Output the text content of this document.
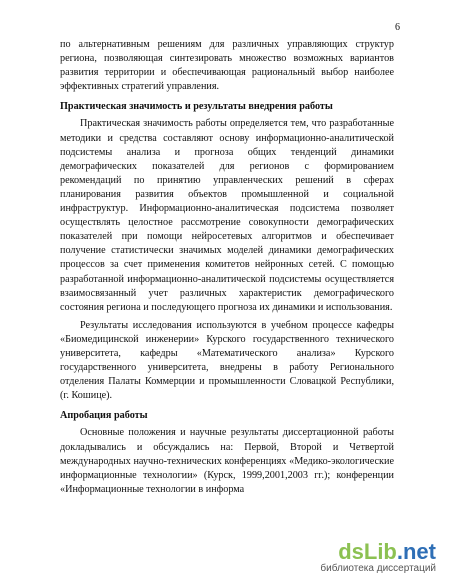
6

по альтернативным решениям для различных управляющих структур региона, позволяющая синтезировать множество возможных вариантов развития территории и обеспечивающая рациональный выбор наиболее эффективных стратегий управления.

Практическая значимость и результаты внедрения работы

Практическая значимость работы определяется тем, что разработанные методики и средства составляют основу информационно-аналитической подсистемы анализа и прогноза общих тенденций динамики демографических показателей для регионов с формированием рекомендаций по принятию управленческих решений в сферах планирования развития объектов промышленной и социальной инфраструктур. Информационно-аналитическая подсистема позволяет осуществлять целостное рассмотрение совокупности демографических показателей при помощи нейросетевых алгоритмов и обеспечивает получение статистически значимых моделей динамики демографических процессов за счет применения комитетов нейронных сетей. С помощью разработанной информационно-аналитической подсистемы осуществляется взаимосвязанный учет различных характеристик демографического состояния региона и последующего прогноза их динамики и использования.

Результаты исследования используются в учебном процессе кафедры «Биомедицинской инженерии» Курского государственного технического университета, кафедры «Математического анализа» Курского государственного университета, внедрены в работу Регионального отделения Палаты Коммерции и промышленности Словацкой Республики, (г. Кошице).

Апробация работы

Основные положения и научные результаты диссертационной работы докладывались и обсуждались на: Первой, Второй и Четвертой международных научно-технических конференциях «Медико-экологические информационные технологии» (Курск, 1999,2001,2003 гг.); конференции «Информационные технологии в информа

dsLib.net
библиотека диссертаций
